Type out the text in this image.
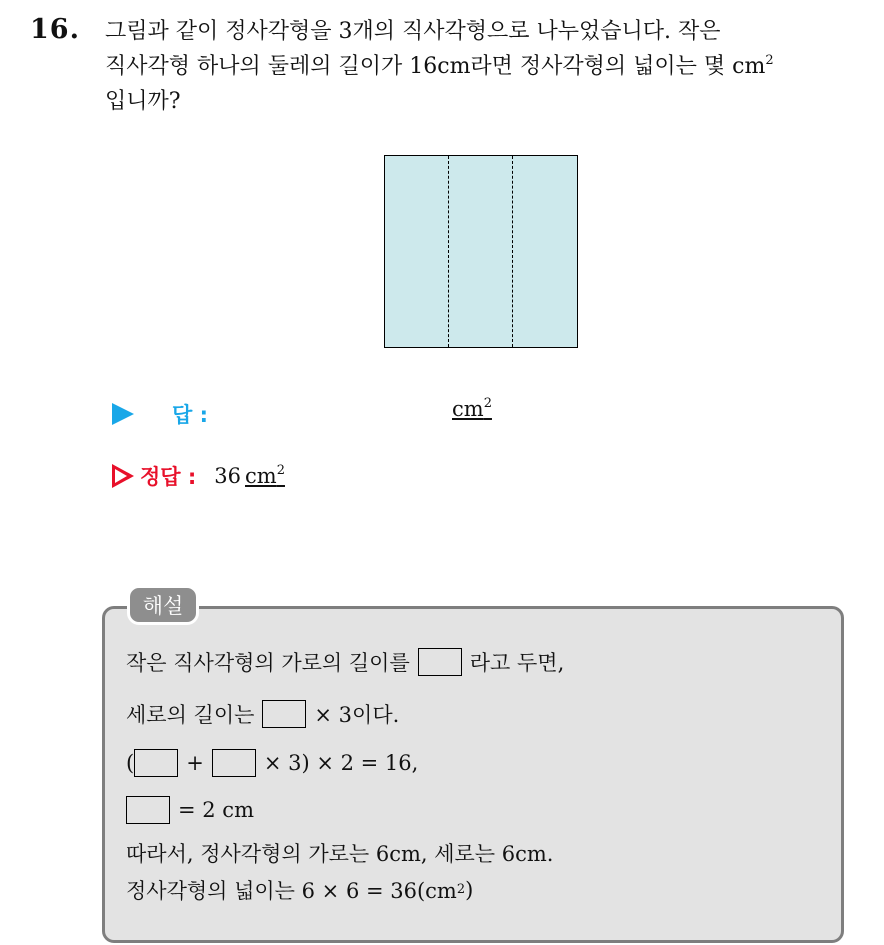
16. 그림과 같이 정사각형을 3개의 직사각형으로 나누었습니다. 작은
직사각형 하나의 둘레의 길이가 16cm라면 정사각형의 넓이는 몇 $cm^2$
입니까?
답 :	$cm^2$
정답 : 36 $cm^2$
해설
작은 직사각형의 가로의 길이를	라고 두면,
세로의 길이는	× 3이다.
( +	× 3) × 2 = 16,
= 2 cm
따라서, 정사각형의 가로는 6cm, 세로는 6cm.
정사각형의 넓이는 6 × 6 = 36(cm 2 )
